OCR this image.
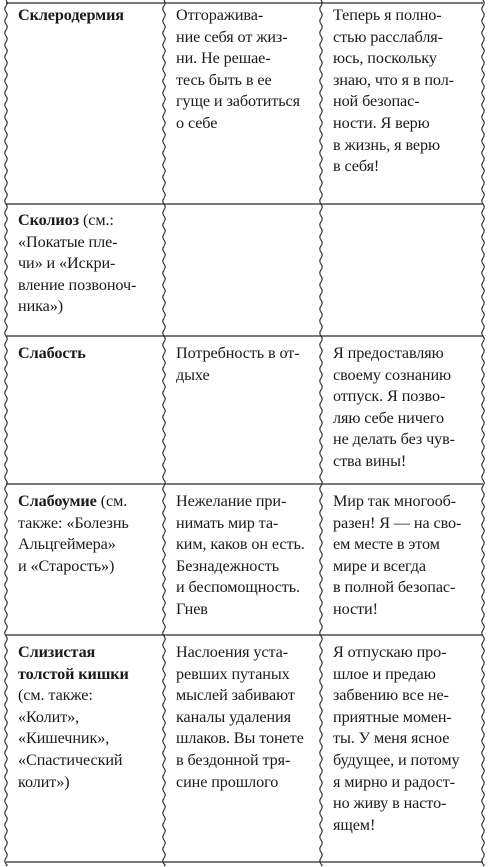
Склеродермия	Отгоражива-
ние себя от жиз-
ни. Не решае-
тесь быть в ее
гуще и заботиться
о себе

Теперь я полно-
стью расслабля-
юсь, поскольку
знаю, что я в пол-
ной безопас-
ности. Я верю
в жизнь, я верю
в себя!

Сколиоз (см.:
«Покатые пле-
чи» и «Искри-
вление позвоноч-
ника»)

Слабость	Потребность в от-
дыхе

Я предоставляю
своему сознанию
отпуск. Я позво-
ляю себе ничего
не делать без чув-
ства вины!

Слабоумие (см.
также: «Болезнь
Альцгеймера»
и «Старость»)

Нежелание при-
нимать мир та-
ким, каков он есть.
Безнадежность
и беспомощность.
Гнев

Мир так многооб-
разен! Я — на сво-
ем месте в этом
мире и всегда
в полной безопас-
ности!

Слизистая
толстой кишки
(см. также:
«Колит»,
«Кишечник»,
«Спастический
колит»)

Наслоения уста-
ревших путаных
мыслей забивают
каналы удаления
шлаков. Вы тонете
в бездонной тря-
сине прошлого

Я отпускаю про-
шлое и предаю
забвению все не-
приятные момен-
ты. У меня ясное
будущее, и потому
я мирно и радост-
но живу в насто-
ящем!
